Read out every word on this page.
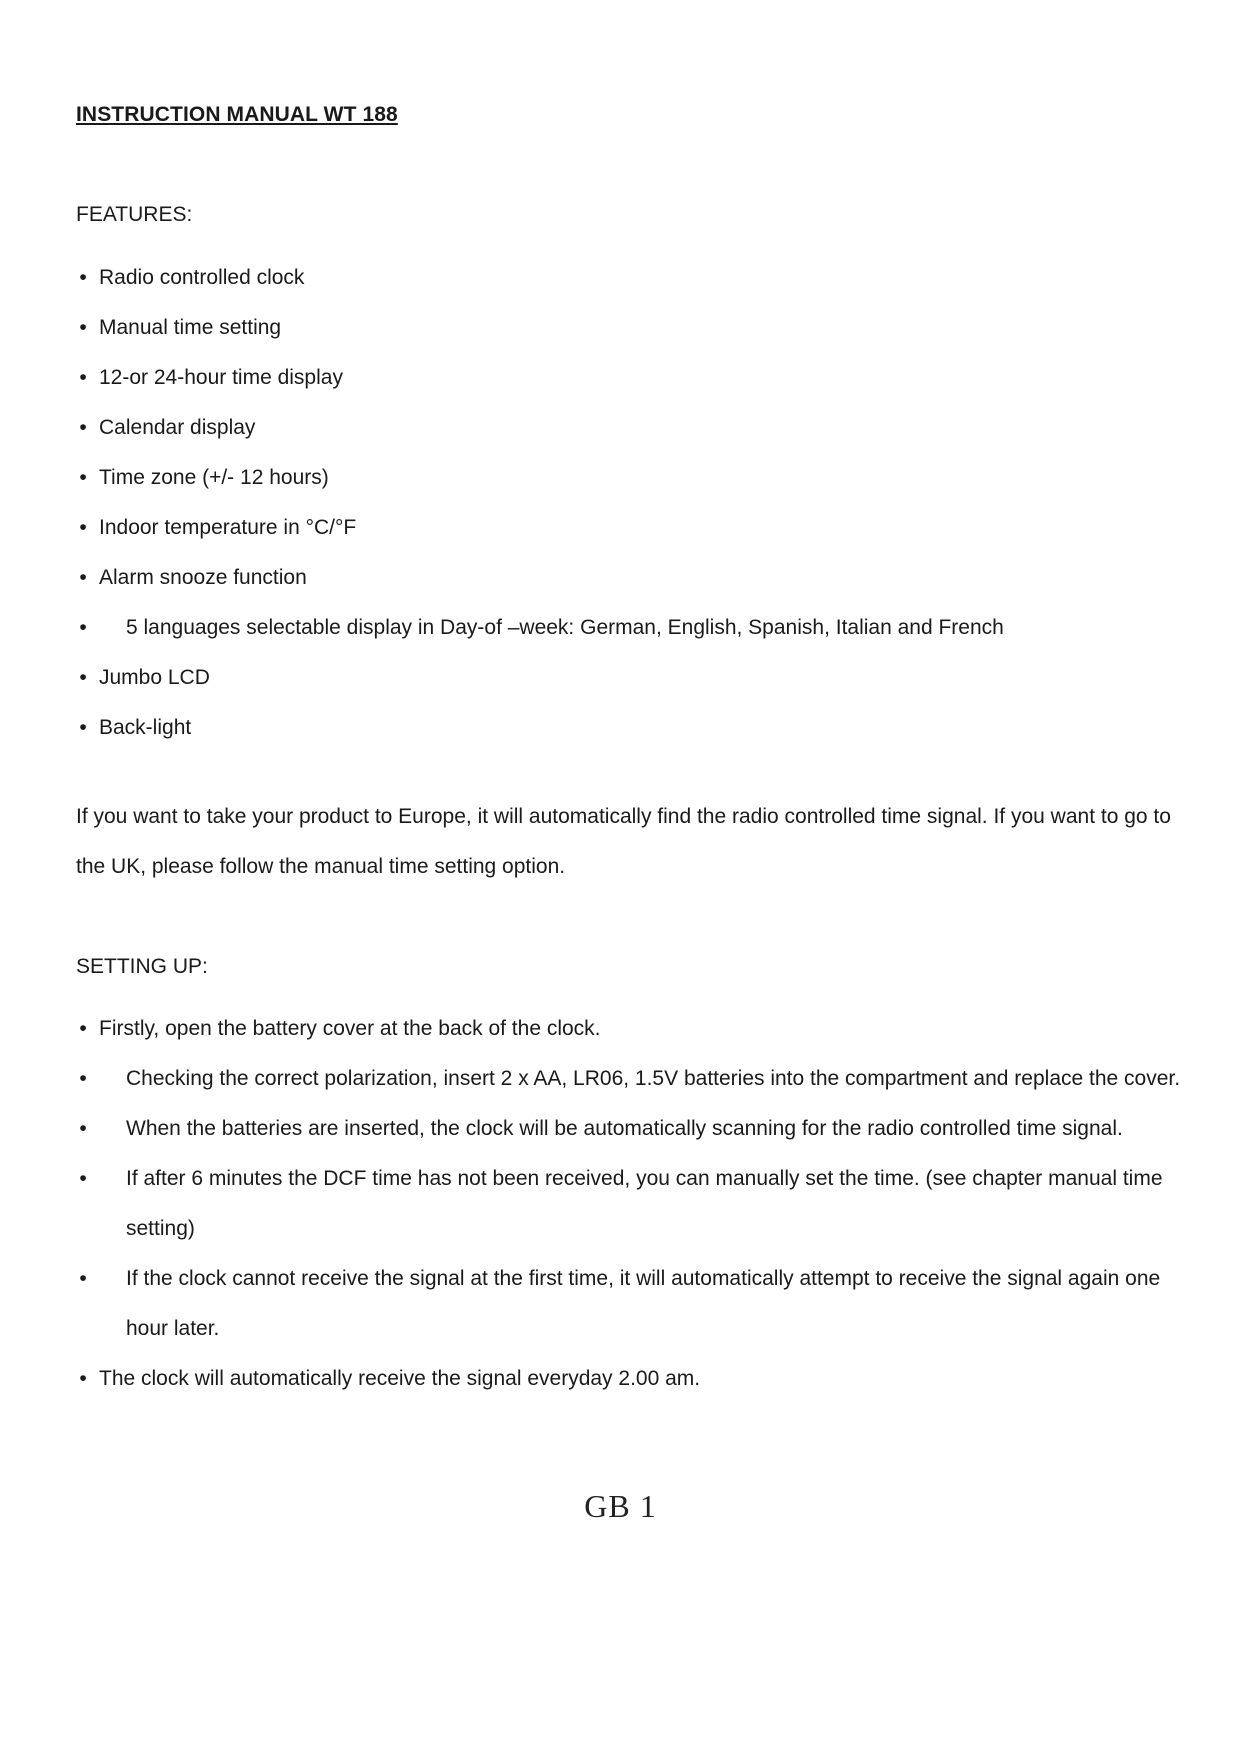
INSTRUCTION MANUAL WT 188
FEATURES:
• Radio controlled clock
• Manual time setting
• 12-or 24-hour time display
• Calendar display
• Time zone (+/- 12 hours)
• Indoor temperature in °C/°F
• Alarm snooze function
•	5 languages selectable display in Day-of –week: German, English, Spanish, Italian and French
• Jumbo LCD
• Back-light

If you want to take your product to Europe, it will automatically find the radio controlled time signal. If you want to go to the UK, please follow the manual time setting option.

SETTING UP:
• Firstly, open the battery cover at the back of the clock.
•	Checking the correct polarization, insert 2 x AA, LR06, 1.5V batteries into the compartment and replace the cover.
•	When the batteries are inserted, the clock will be automatically scanning for the radio controlled time signal.
•	If after 6 minutes the DCF time has not been received, you can manually set the time. (see chapter manual time setting)
•	If the clock cannot receive the signal at the first time, it will automatically attempt to receive the signal again one hour later.
• The clock will automatically receive the signal everyday 2.00 am.
GB 1
